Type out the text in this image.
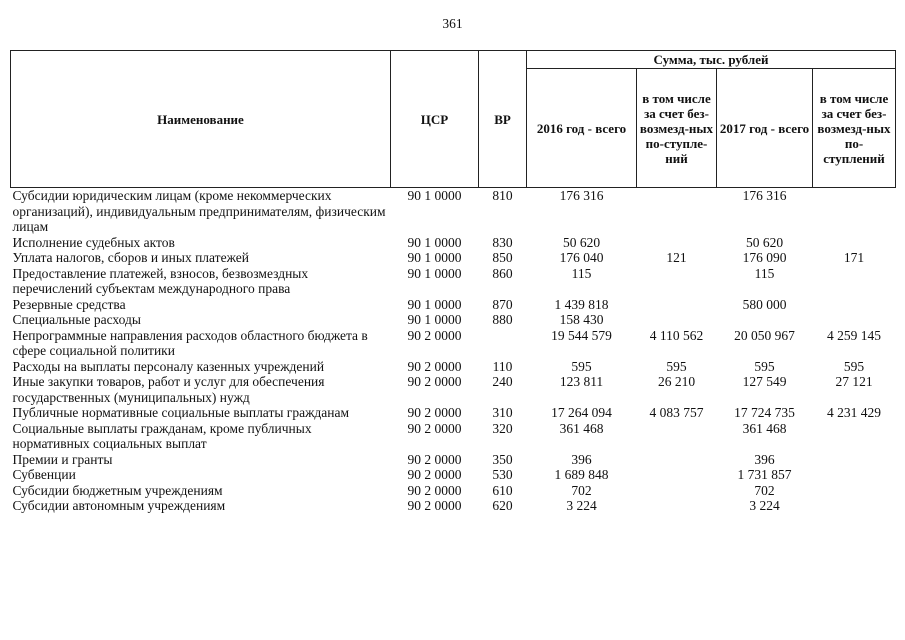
361
Наименование	ЦСР	ВР	Сумма, тыс. рублей			
			2016 год - всего	в том числе за счет без-возмезд-ных по-ступле-ний	2017 год - всего	в том числе за счет без-возмезд-ных по-ступлений
Субсидии юридическим лицам (кроме некоммерческих организаций), индивидуальным предпринимателям, физическим лицам	90 1 0000	810	176 316		176 316	
Исполнение судебных актов	90 1 0000	830	50 620		50 620	
Уплата налогов, сборов и иных платежей	90 1 0000	850	176 040	121	176 090	171
Предоставление платежей, взносов, безвозмездных перечислений субъектам международного права	90 1 0000	860	115		115	
Резервные средства	90 1 0000	870	1 439 818		580 000	
Специальные расходы	90 1 0000	880	158 430			
Непрограммные направления расходов областного бюджета в сфере социальной политики	90 2 0000		19 544 579	4 110 562	20 050 967	4 259 145
Расходы на выплаты персоналу казенных учреждений	90 2 0000	110	595	595	595	595
Иные закупки товаров, работ и услуг для обеспечения государственных (муниципальных) нужд	90 2 0000	240	123 811	26 210	127 549	27 121
Публичные нормативные социальные выплаты гражданам	90 2 0000	310	17 264 094	4 083 757	17 724 735	4 231 429
Социальные выплаты гражданам, кроме публичных нормативных социальных выплат	90 2 0000	320	361 468		361 468	
Премии и гранты	90 2 0000	350	396		396	
Субвенции	90 2 0000	530	1 689 848		1 731 857	
Субсидии бюджетным учреждениям	90 2 0000	610	702		702	
Субсидии автономным учреждениям	90 2 0000	620	3 224		3 224	
